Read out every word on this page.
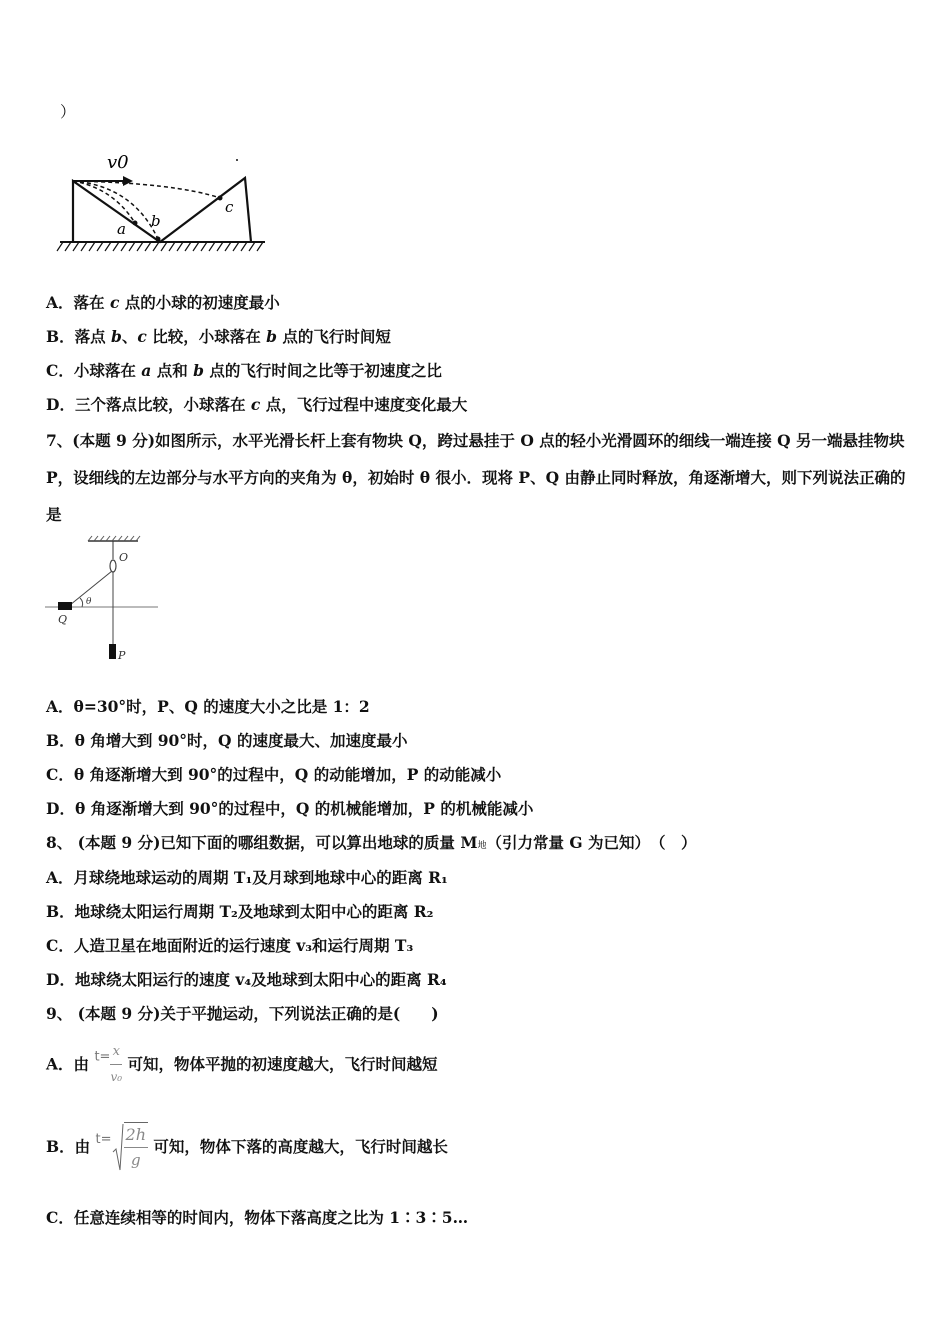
）
v0
a b
c
A．落在 c 点的小球的初速度最小
B．落点 b、c 比较，小球落在 b 点的飞行时间短
C．小球落在 a 点和 b 点的飞行时间之比等于初速度之比
D．三个落点比较，小球落在 c 点，飞行过程中速度变化最大
7、(本题 9 分)如图所示，水平光滑长杆上套有物块 Q，跨过悬挂于 O 点的轻小光滑圆环的细线一端连接 Q 另一端悬挂物块 P，设细线的左边部分与水平方向的夹角为 θ，初始时 θ 很小．现将 P、Q 由静止同时释放，角逐渐增大，则下列说法正确的是
θ
O
Q
P
A．θ=30°时，P、Q 的速度大小之比是 1：2
B．θ 角增大到 90°时，Q 的速度最大、加速度最小
C．θ 角逐渐增大到 90°的过程中，Q 的动能增加，P 的动能减小
D．θ 角逐渐增大到 90°的过程中，Q 的机械能增加，P 的机械能减小
8、 (本题 9 分)已知下面的哪组数据，可以算出地球的质量 M地（引力常量 G 为已知）　（　）
A．月球绕地球运动的周期 T₁及月球到地球中心的距离 R₁
B．地球绕太阳运行周期 T₂及地球到太阳中心的距离 R₂
C．人造卫星在地面附近的运行速度 v₃和运行周期 T₃
D．地球绕太阳运行的速度 v₄及地球到太阳中心的距离 R₄
9、 (本题 9 分)关于平抛运动，下列说法正确的是(　　)
A．由 $^{t=} \frac{x}{\text{v₀}}$ 可知，物体平抛的初速度越大，飞行时间越短
B．由 $^{t=} \frac{2h}{g}$ 可知，物体下落的高度越大，飞行时间越长
C．任意连续相等的时间内，物体下落高度之比为 1∶3∶5…
